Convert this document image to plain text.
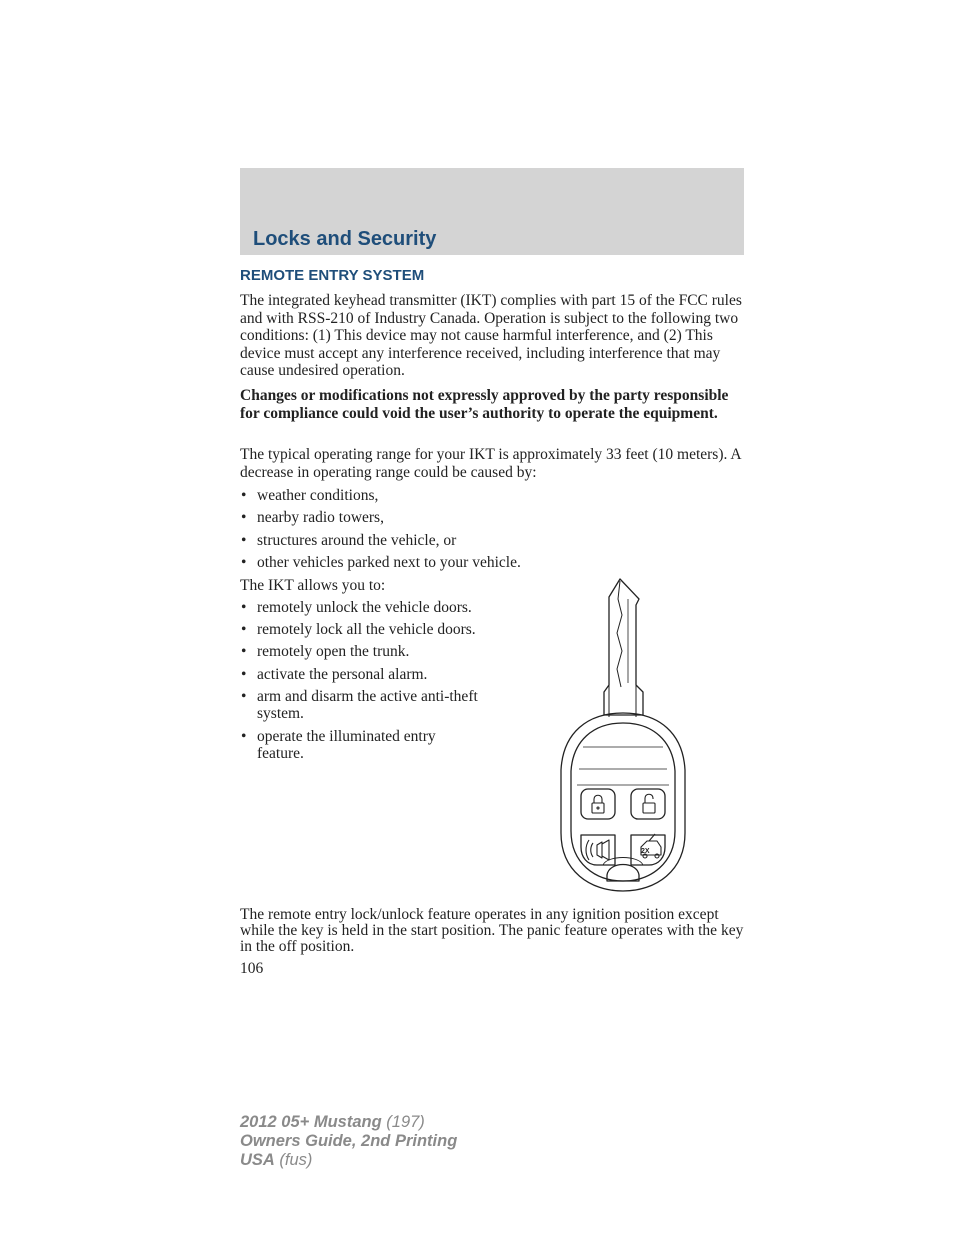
Locks and Security
REMOTE ENTRY SYSTEM

The integrated keyhead transmitter (IKT) complies with part 15 of the FCC rules and with RSS-210 of Industry Canada. Operation is subject to the following two conditions: (1) This device may not cause harmful interference, and (2) This device must accept any interference received, including interference that may cause undesired operation.

Changes or modifications not expressly approved by the party responsible for compliance could void the user’s authority to operate the equipment.

The typical operating range for your IKT is approximately 33 feet (10 meters). A decrease in operating range could be caused by:

• weather conditions,
• nearby radio towers,
• structures around the vehicle, or
• other vehicles parked next to your vehicle.

The IKT allows you to:

• remotely unlock the vehicle doors.
• remotely lock all the vehicle doors.
• remotely open the trunk.
• activate the personal alarm.
• arm and disarm the active anti-theft system.
• operate the illuminated entry feature.
2X

The remote entry lock/unlock feature operates in any ignition position except while the key is held in the start position. The panic feature operates with the key in the off position.

106
2012 05+ Mustang (197)
Owners Guide, 2nd Printing
USA (fus)
